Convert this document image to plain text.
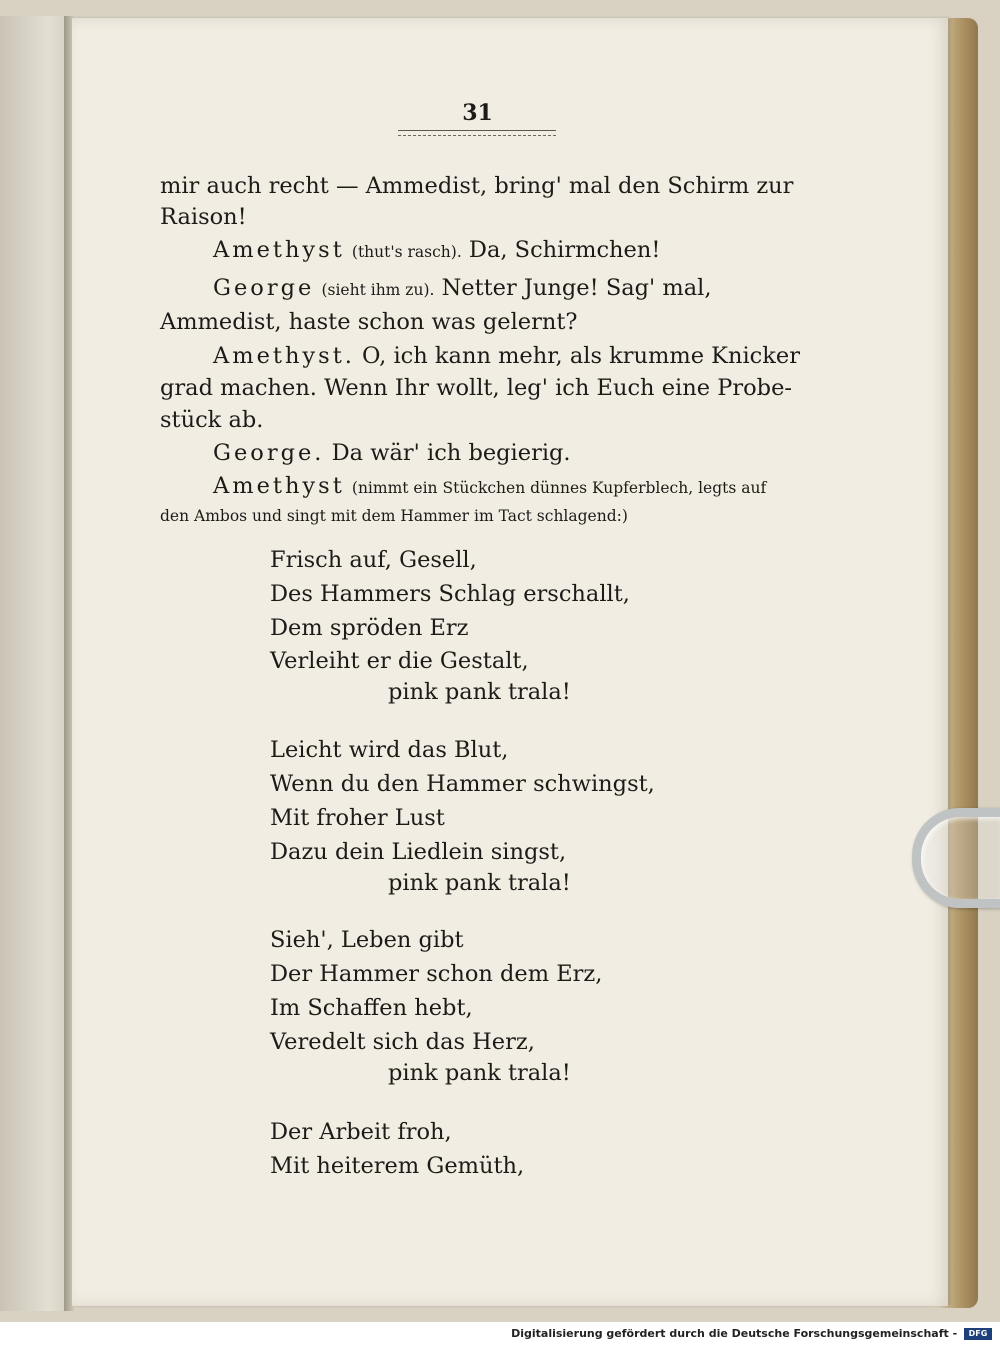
31
mir auch recht — Ammedist, bring' mal den Schirm zur
Raison!
Amethyst (thut's rasch). Da, Schirmchen!
George (sieht ihm zu). Netter Junge! Sag' mal,
Ammedist, haste schon was gelernt?
Amethyst. O, ich kann mehr, als krumme Knicker
grad machen. Wenn Ihr wollt, leg' ich Euch eine Probe-
stück ab.
George. Da wär' ich begierig.
Amethyst (nimmt ein Stückchen dünnes Kupferblech, legts auf
den Ambos und singt mit dem Hammer im Tact schlagend:)
Frisch auf, Gesell,
Des Hammers Schlag erschallt,
Dem spröden Erz
Verleiht er die Gestalt,
pink pank trala!
Leicht wird das Blut,
Wenn du den Hammer schwingst,
Mit froher Lust
Dazu dein Liedlein singst,
pink pank trala!
Sieh', Leben gibt
Der Hammer schon dem Erz,
Im Schaffen hebt,
Veredelt sich das Herz,
pink pank trala!
Der Arbeit froh,
Mit heiterem Gemüth,
Digitalisierung gefördert durch die Deutsche Forschungsgemeinschaft - DFG
